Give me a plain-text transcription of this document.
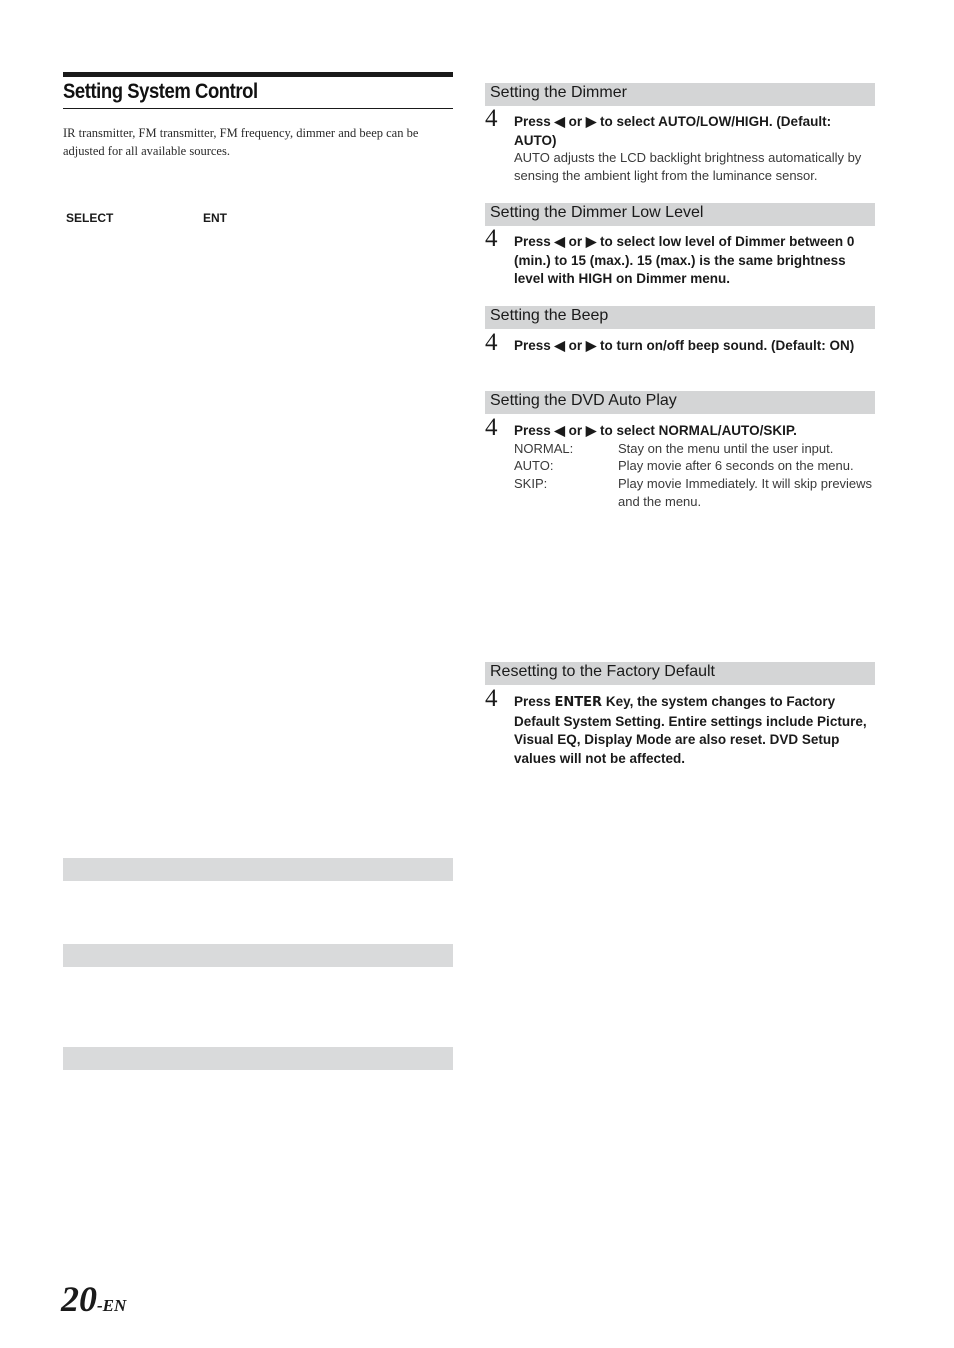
Setting System Control
IR transmitter, FM transmitter, FM frequency, dimmer and beep can be adjusted for all available sources.
SELECT	ENT
Setting the Dimmer
4 Press ◀ or ▶ to select AUTO/LOW/HIGH. (Default: AUTO)
AUTO adjusts the LCD backlight brightness automatically by sensing the ambient light from the luminance sensor.
Setting the Dimmer Low Level
4 Press ◀ or ▶ to select low level of Dimmer between 0 (min.) to 15 (max.). 15 (max.) is the same brightness level with HIGH on Dimmer menu.
Setting the Beep
4 Press ◀ or ▶ to turn on/off beep sound. (Default: ON)
Setting the DVD Auto Play
4 Press ◀ or ▶ to select NORMAL/AUTO/SKIP.
NORMAL:	Stay on the menu until the user input.
AUTO:	Play movie after 6 seconds on the menu.
SKIP:	Play movie Immediately. It will skip previews and the menu.
Resetting to the Factory Default
4 Press ENTER Key, the system changes to Factory Default System Setting. Entire settings include Picture, Visual EQ, Display Mode are also reset. DVD Setup values will not be affected.
20-EN
